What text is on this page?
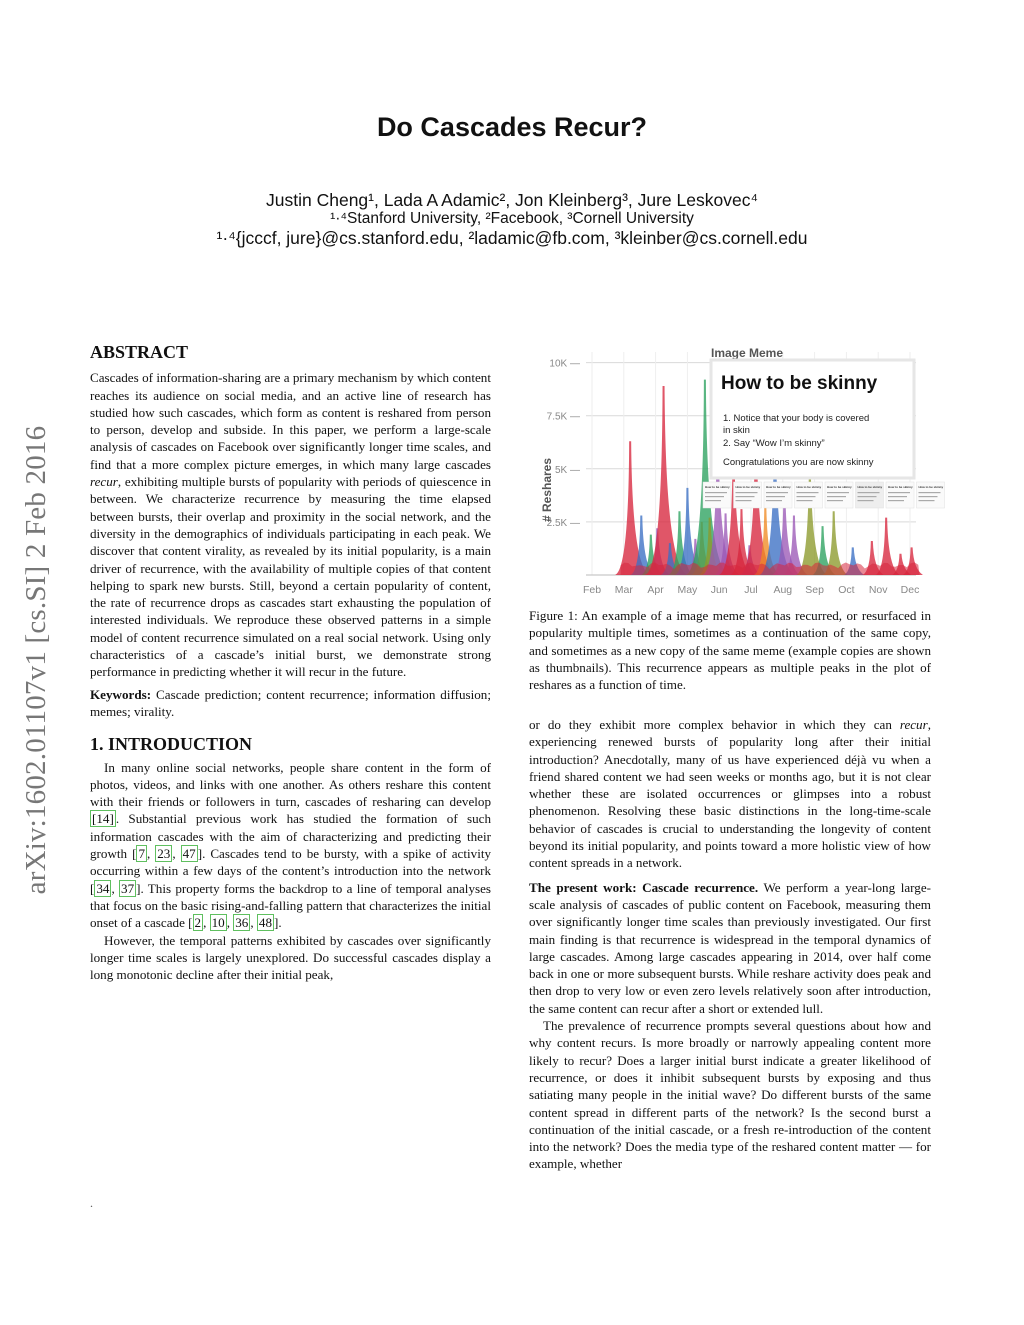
Do Cascades Recur?
Justin Cheng¹, Lada A Adamic², Jon Kleinberg³, Jure Leskovec⁴
¹·⁴Stanford University, ²Facebook, ³Cornell University
¹·⁴{jcccf, jure}@cs.stanford.edu, ²ladamic@fb.com, ³kleinber@cs.cornell.edu
arXiv:1602.01107v1 [cs.SI] 2 Feb 2016
ABSTRACT

Cascades of information-sharing are a primary mechanism by which content reaches its audience on social media, and an active line of research has studied how such cascades, which form as content is reshared from person to person, develop and subside. In this paper, we perform a large-scale analysis of cascades on Facebook over significantly longer time scales, and find that a more complex picture emerges, in which many large cascades recur, exhibiting multiple bursts of popularity with periods of quiescence in between. We characterize recurrence by measuring the time elapsed between bursts, their overlap and proximity in the social network, and the diversity in the demographics of individuals participating in each peak. We discover that content virality, as revealed by its initial popularity, is a main driver of recurrence, with the availability of multiple copies of that content helping to spark new bursts. Still, beyond a certain popularity of content, the rate of recurrence drops as cascades start exhausting the population of interested individuals. We reproduce these observed patterns in a simple model of content recurrence simulated on a real social network. Using only characteristics of a cascade’s initial burst, we demonstrate strong performance in predicting whether it will recur in the future.

Keywords: Cascade prediction; content recurrence; information diffusion; memes; virality.

1. INTRODUCTION

In many online social networks, people share content in the form of photos, videos, and links with one another. As others reshare this content with their friends or followers in turn, cascades of resharing can develop [14] . Substantial previous work has studied the formation of such information cascades with the aim of characterizing and predicting their growth [ 7 , 23 , 47 ]. Cascades tend to be bursty, with a spike of activity occurring within a few days of the content’s introduction into the network [ 34 , 37 ]. This property forms the backdrop to a line of temporal analyses that focus on the basic rising-and-falling pattern that characterizes the initial onset of a cascade [ 2 , 10 , 36 , 48 ].

However, the temporal patterns exhibited by cascades over significantly longer time scales is largely unexplored. Do successful cascades display a long monotonic decline after their initial peak,

2.5K —
5K —
7.5K —
10K —
Feb Mar Apr May Jun Jul Aug Sep Oct Nov Dec
# Reshares
Image Meme
How to be skinny
1. Notice that your body is covered
in skin
2. Say “Wow I’m skinny”
Congratulations you are now skinny
How to be skinny How to be skinny How to be skinny How to be skinny How to be skinny How to be skinny How to be skinny How to be skinny
Figure 1: An example of a image meme that has recurred, or resurfaced in popularity multiple times, sometimes as a continuation of the same copy, and sometimes as a new copy of the same meme (example copies are shown as thumbnails). This recurrence appears as multiple peaks in the plot of reshares as a function of time.

or do they exhibit more complex behavior in which they can recur, experiencing renewed bursts of popularity long after their initial introduction? Anecdotally, many of us have experienced déjà vu when a friend shared content we had seen weeks or months ago, but it is not clear whether these are isolated occurrences or glimpses into a robust phenomenon. Resolving these basic distinctions in the long-time-scale behavior of cascades is crucial to understanding the longevity of content beyond its initial popularity, and points toward a more holistic view of how content spreads in a network.

The present work: Cascade recurrence. We perform a year-long large-scale analysis of cascades of public content on Facebook, measuring them over significantly longer time scales than previously investigated. Our first main finding is that recurrence is widespread in the temporal dynamics of large cascades. Among large cascades appearing in 2014, over half come back in one or more subsequent bursts. While reshare activity does peak and then drop to very low or even zero levels relatively soon after introduction, the same content can recur after a short or extended lull.

The prevalence of recurrence prompts several questions about how and why content recurs. Is more broadly or narrowly appealing content more likely to recur? Does a larger initial burst indicate a greater likelihood of recurrence, or does it inhibit subsequent bursts by exposing and thus satiating many people in the initial wave? Do different bursts of the same content spread in different parts of the network? Is the second burst a continuation of the initial cascade, or a fresh re-introduction of the content into the network? Does the media type of the reshared content matter — for example, whether

.
